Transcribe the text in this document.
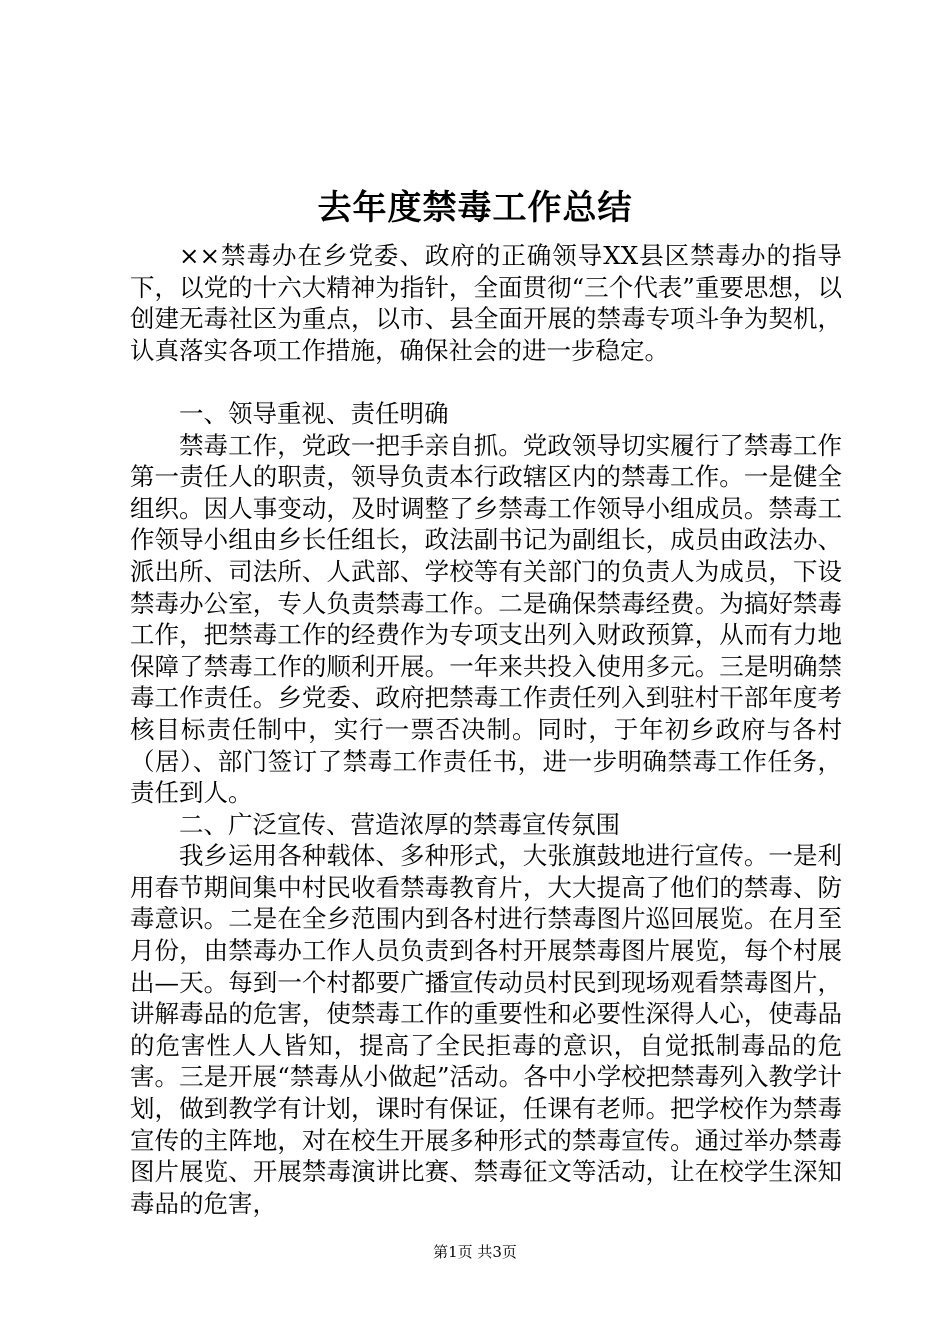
去年度禁毒工作总结

××禁毒办在乡党委、政府的正确领导XX县区禁毒办的指导下，以党的十六大精神为指针，全面贯彻“三个代表”重要思想，以创建无毒社区为重点，以市、县全面开展的禁毒专项斗争为契机，认真落实各项工作措施，确保社会的进一步稳定。

一、领导重视、责任明确

禁毒工作，党政一把手亲自抓。党政领导切实履行了禁毒工作第一责任人的职责，领导负责本行政辖区内的禁毒工作。一是健全组织。因人事变动，及时调整了乡禁毒工作领导小组成员。禁毒工作领导小组由乡长任组长，政法副书记为副组长，成员由政法办、派出所、司法所、人武部、学校等有关部门的负责人为成员，下设禁毒办公室，专人负责禁毒工作。二是确保禁毒经费。为搞好禁毒工作，把禁毒工作的经费作为专项支出列入财政预算，从而有力地保障了禁毒工作的顺利开展。一年来共投入使用多元。三是明确禁毒工作责任。乡党委、政府把禁毒工作责任列入到驻村干部年度考核目标责任制中，实行一票否决制。同时，于年初乡政府与各村（居）、部门签订了禁毒工作责任书，进一步明确禁毒工作任务，责任到人。

二、广泛宣传、营造浓厚的禁毒宣传氛围

我乡运用各种载体、多种形式，大张旗鼓地进行宣传。一是利用春节期间集中村民收看禁毒教育片，大大提高了他们的禁毒、防毒意识。二是在全乡范围内到各村进行禁毒图片巡回展览。在月至月份，由禁毒办工作人员负责到各村开展禁毒图片展览，每个村展出—天。每到一个村都要广播宣传动员村民到现场观看禁毒图片，讲解毒品的危害，使禁毒工作的重要性和必要性深得人心，使毒品的危害性人人皆知，提高了全民拒毒的意识，自觉抵制毒品的危害。三是开展“禁毒从小做起”活动。各中小学校把禁毒列入教学计划，做到教学有计划，课时有保证，任课有老师。把学校作为禁毒宣传的主阵地，对在校生开展多种形式的禁毒宣传。通过举办禁毒图片展览、开展禁毒演讲比赛、禁毒征文等活动，让在校学生深知毒品的危害，

第1页 共3页
